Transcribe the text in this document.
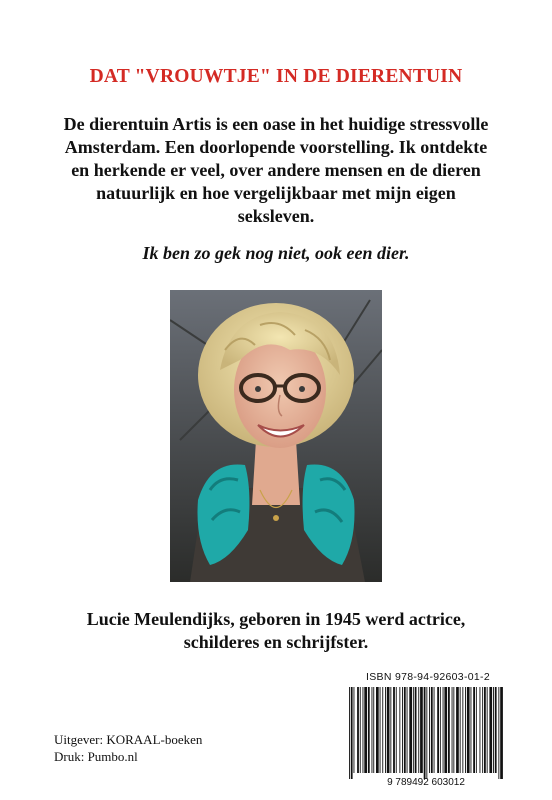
DAT "VROUWTJE" IN DE DIERENTUIN
De dierentuin Artis is een oase in het huidige stressvolle
Amsterdam. Een doorlopende voorstelling. Ik ontdekte
en herkende er veel, over andere mensen en de dieren
natuurlijk en hoe vergelijkbaar met mijn eigen
seksleven.
Ik ben zo gek nog niet, ook een dier.
Lucie Meulendijks, geboren in 1945 werd actrice,
schilderes en schrijfster.
ISBN 978-94-92603-01-2
9 789492 603012
Uitgever: KORAAL-boeken
Druk: Pumbo.nl
